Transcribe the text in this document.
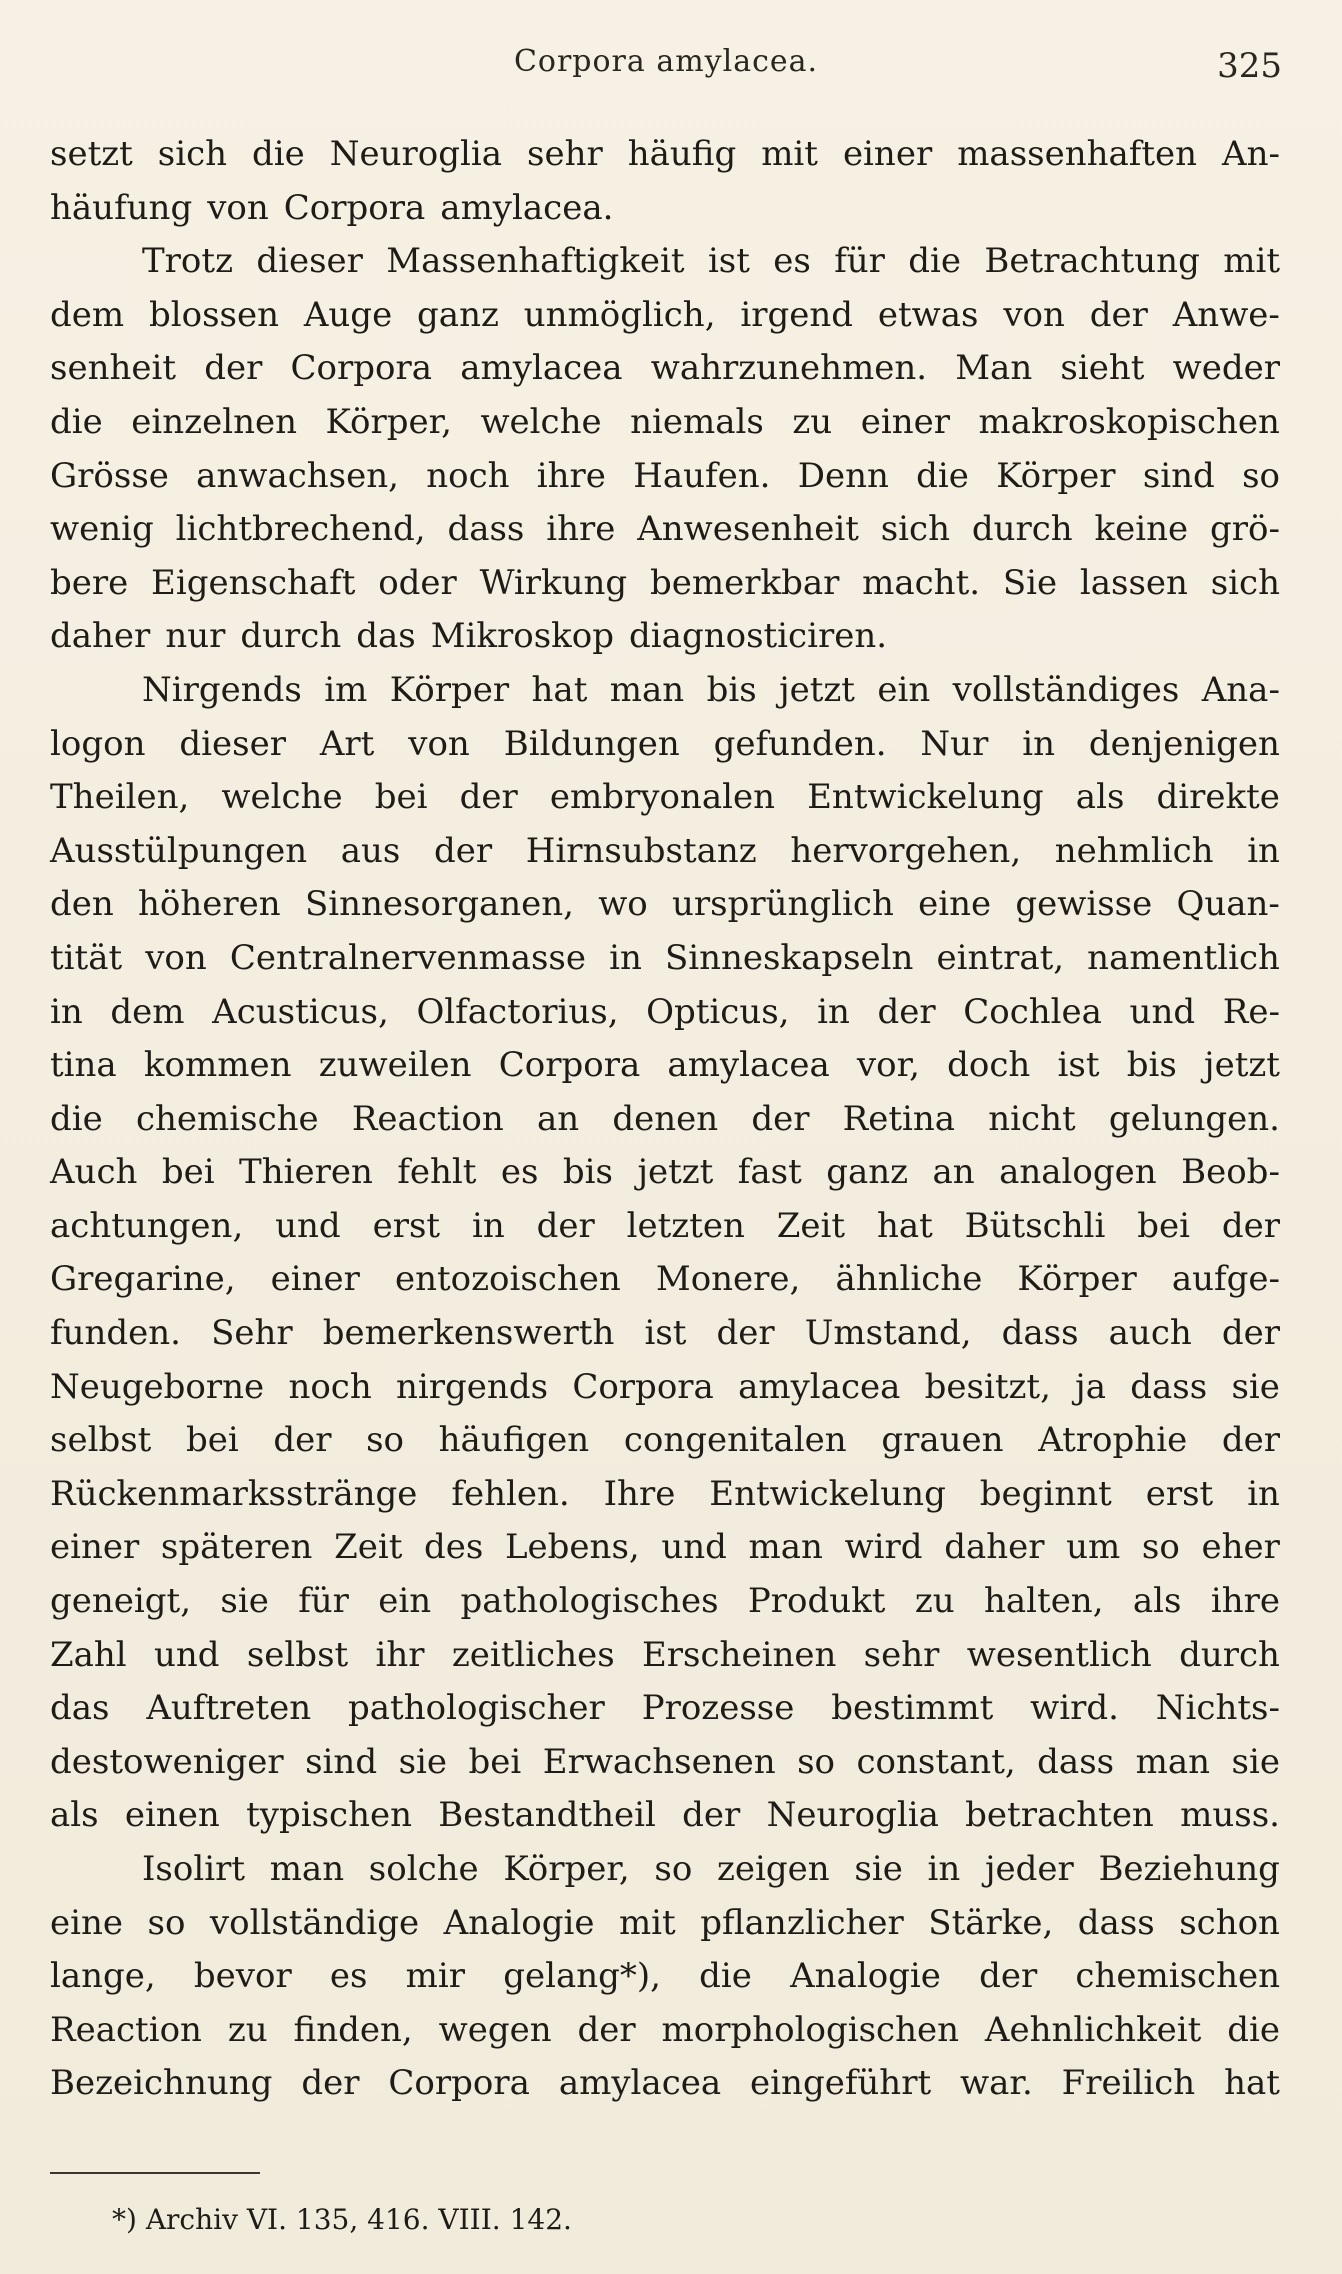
Corpora amylacea.	325
setzt sich die Neuroglia sehr häufig mit einer massenhaften An-
häufung von Corpora amylacea.
Trotz dieser Massenhaftigkeit ist es für die Betrachtung mit
dem blossen Auge ganz unmöglich, irgend etwas von der Anwe-
senheit der Corpora amylacea wahrzunehmen. Man sieht weder
die einzelnen Körper, welche niemals zu einer makroskopischen
Grösse anwachsen, noch ihre Haufen. Denn die Körper sind so
wenig lichtbrechend, dass ihre Anwesenheit sich durch keine grö-
bere Eigenschaft oder Wirkung bemerkbar macht. Sie lassen sich
daher nur durch das Mikroskop diagnosticiren.
Nirgends im Körper hat man bis jetzt ein vollständiges Ana-
logon dieser Art von Bildungen gefunden. Nur in denjenigen
Theilen, welche bei der embryonalen Entwickelung als direkte
Ausstülpungen aus der Hirnsubstanz hervorgehen, nehmlich in
den höheren Sinnesorganen, wo ursprünglich eine gewisse Quan-
tität von Centralnervenmasse in Sinneskapseln eintrat, namentlich
in dem Acusticus, Olfactorius, Opticus, in der Cochlea und Re-
tina kommen zuweilen Corpora amylacea vor, doch ist bis jetzt
die chemische Reaction an denen der Retina nicht gelungen.
Auch bei Thieren fehlt es bis jetzt fast ganz an analogen Beob-
achtungen, und erst in der letzten Zeit hat Bütschli bei der
Gregarine, einer entozoischen Monere, ähnliche Körper aufge-
funden. Sehr bemerkenswerth ist der Umstand, dass auch der
Neugeborne noch nirgends Corpora amylacea besitzt, ja dass sie
selbst bei der so häufigen congenitalen grauen Atrophie der
Rückenmarksstränge fehlen. Ihre Entwickelung beginnt erst in
einer späteren Zeit des Lebens, und man wird daher um so eher
geneigt, sie für ein pathologisches Produkt zu halten, als ihre
Zahl und selbst ihr zeitliches Erscheinen sehr wesentlich durch
das Auftreten pathologischer Prozesse bestimmt wird. Nichts-
destoweniger sind sie bei Erwachsenen so constant, dass man sie
als einen typischen Bestandtheil der Neuroglia betrachten muss.
Isolirt man solche Körper, so zeigen sie in jeder Beziehung
eine so vollständige Analogie mit pflanzlicher Stärke, dass schon
lange, bevor es mir gelang*), die Analogie der chemischen
Reaction zu finden, wegen der morphologischen Aehnlichkeit die
Bezeichnung der Corpora amylacea eingeführt war. Freilich hat
*) Archiv VI. 135, 416. VIII. 142.
